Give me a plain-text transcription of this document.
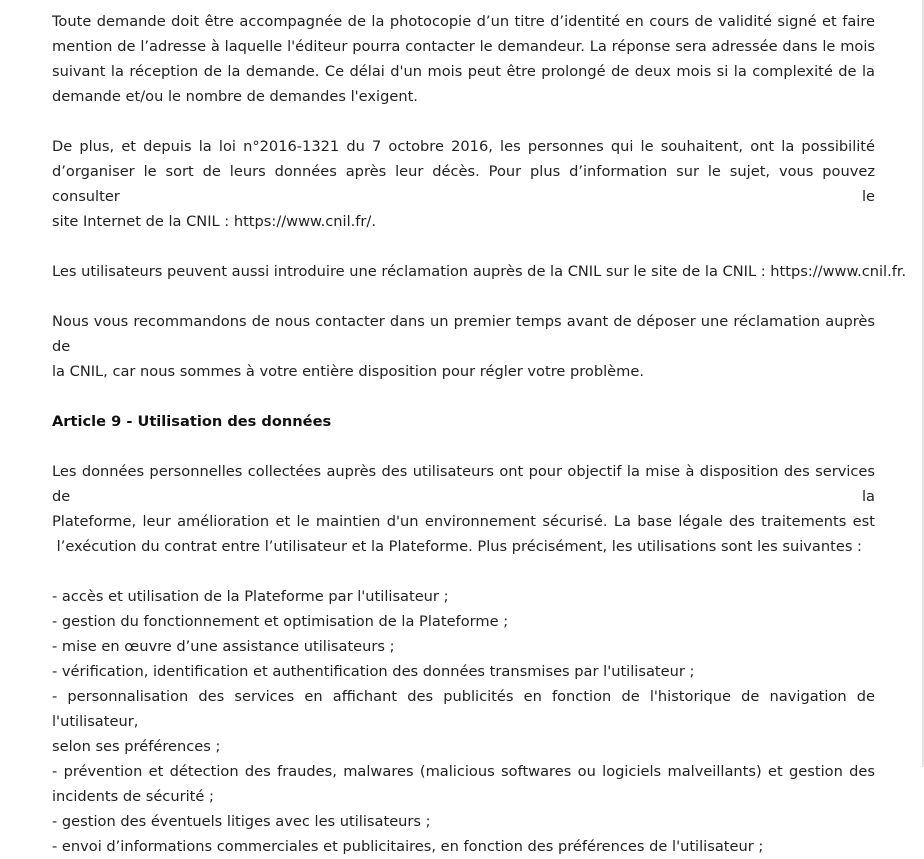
Toute demande doit être accompagnée de la photocopie d’un titre d’identité en cours de validité signé et faire
mention de l’adresse à laquelle l'éditeur pourra contacter le demandeur. La réponse sera adressée dans le mois
suivant la réception de la demande. Ce délai d'un mois peut être prolongé de deux mois si la complexité de la
demande et/ou le nombre de demandes l'exigent.

De plus, et depuis la loi n°2016-1321 du 7 octobre 2016, les personnes qui le souhaitent, ont la possibilité
d’organiser le sort de leurs données après leur décès. Pour plus d’information sur le sujet, vous pouvez consulter le
site Internet de la CNIL : https://www.cnil.fr/.

Les utilisateurs peuvent aussi introduire une réclamation auprès de la CNIL sur le site de la CNIL : https://www.cnil.fr.

Nous vous recommandons de nous contacter dans un premier temps avant de déposer une réclamation auprès de
la CNIL, car nous sommes à votre entière disposition pour régler votre problème.

Article 9 - Utilisation des données

Les données personnelles collectées auprès des utilisateurs ont pour objectif la mise à disposition des services de la
Plateforme, leur amélioration et le maintien d'un environnement sécurisé. La base légale des traitements est
l’exécution du contrat entre l’utilisateur et la Plateforme. Plus précisément, les utilisations sont les suivantes :

- accès et utilisation de la Plateforme par l'utilisateur ;
- gestion du fonctionnement et optimisation de la Plateforme ;
- mise en œuvre d’une assistance utilisateurs ;
- vérification, identification et authentification des données transmises par l'utilisateur ;
- personnalisation des services en affichant des publicités en fonction de l'historique de navigation de l'utilisateur,
selon ses préférences ;
- prévention et détection des fraudes, malwares (malicious softwares ou logiciels malveillants) et gestion des
incidents de sécurité ;
- gestion des éventuels litiges avec les utilisateurs ;
- envoi d’informations commerciales et publicitaires, en fonction des préférences de l'utilisateur ;
